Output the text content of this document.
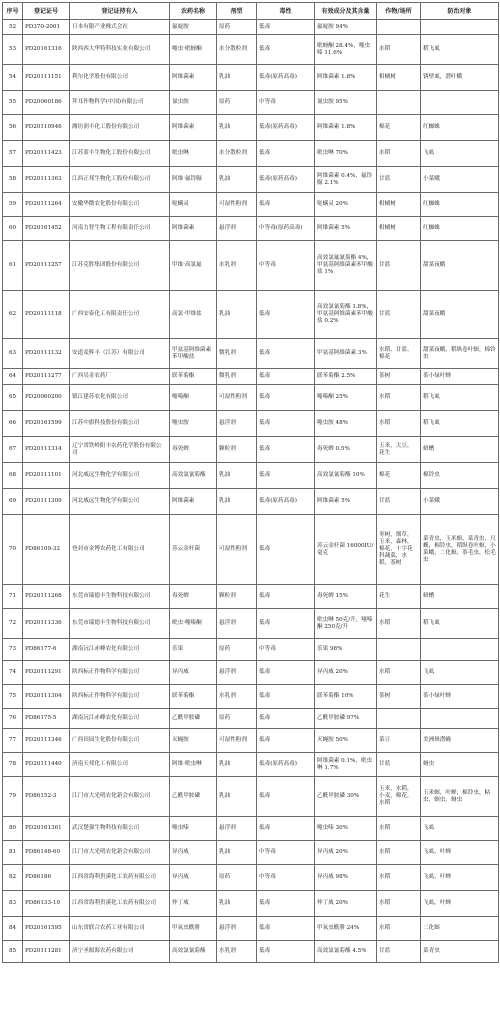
序号	登记证号	登记证持有人	农药名称	剂型	毒性	有效成分及其含量	作物/场所	防治对象
52	PD370-2001	日本有限产业株式会社	氟啶胺	原药	低毒	氟啶胺 94%		
53	PD20161316	陕西西大华特科技实业有限公司	噻虫·吡蚜酮	水分散粒剂	低毒	吡蚜酮 28.4%，噻虫嗪 11.6%	水稻	稻飞虱
54	PD20111151	利尔化学股份有限公司	阿维菌素	乳油	低毒(原药高毒)	阿维菌素 1.8%	柑橘树	锈壁虱，潜叶蛾
55	PD20060186	拜耳作物科学(中国)有限公司	氰虫胺	原药	中等毒	氰虫胺 95%		
56	PD20110946	潍坊润丰化工股份有限公司	阿维菌素	乳油	低毒(原药高毒)	阿维菌素 1.8%	棉花	红蜘蛛
57	PD20111423	江苏蓝丰生物化工股份有限公司	吡虫啉	水分散粒剂	低毒	吡虫啉 70%	水稻	飞虱
58	PD20111363	江西正邦生物化工股份有限公司	阿维·氟铃脲	乳油	低毒(原药高毒)	阿维菌素 0.4%，氟铃脲 2.1%	甘蓝	小菜蛾
59	PD20111264	安徽华微农化股份有限公司	哒螨灵	可湿性粉剂	低毒	哒螨灵 20%	柑橘树	红蜘蛛
60	PD20161452	河南力智生物工程有限责任公司	阿维菌素	悬浮剂	中等毒(原药高毒)	阿维菌素 5%	柑橘树	红蜘蛛
61	PD20111257	江苏克胜集团股份有限公司	甲维·高氯氟	水乳剂	中等毒	高效氯氟氰菊酯 4%，甲氨基阿维菌素苯甲酸盐 1%	甘蓝	甜菜夜蛾
62	PD20111118	广西安泰化工有限责任公司	高氯·甲维盐	乳油	低毒	高效氯氰菊酯 1.8%，甲氨基阿维菌素苯甲酸盐 0.2%	甘蓝	甜菜夜蛾
63	PD20111132	安道麦辉丰（江苏）有限公司	甲氨基阿维菌素苯甲酸盐	微乳剂	低毒	甲氨基阿维菌素 3%	水稻、甘蓝、棉花	甜菜夜蛾，稻纵卷叶螟，棉铃虫
64	PD20111277	广西吴奇农药厂	联苯菊酯	微乳剂	低毒	联苯菊酯 2.5%	茶树	茶小绿叶蝉
65	PD20060200	镇江建苏农化有限公司	噻嗪酮	可湿性粉剂	低毒	噻嗪酮 25%	水稻	稻飞虱
66	PD20161599	江苏中旗科技股份有限公司	噻虫胺	悬浮剂	低毒	噻虫胺 48%	水稻	稻飞虱
67	PD20111314	辽宁省铁岭阳丰农药化学股份有限公司	毒死蜱	颗粒剂	低毒	毒死蜱 0.5%	玉米，大豆，花生	蛴螬
68	PD20111101	河北威远生物化学有限公司	高效氯氰菊酯	乳油	低毒	高效氯氰菊酯 10%	棉花	棉铃虫
69	PD20111309	河北威远生物化学有限公司	阿维菌素	乳油	低毒(原药高毒)	阿维菌素 5%	甘蓝	小菜蛾
70	PD86109-32	登封市金博农药化工有限公司	苏云金杆菌	可湿性粉剂	低毒	苏云金杆菌 16000IU/毫克	枣树，烟草，玉米，森林，棉花，十字花科蔬菜，水稻，茶树	菜青虫，玉米螟，菜青虫，尺蠖，棉铃虫，稻纵卷叶螟，小菜蛾，二化螟，茶毛虫，松毛虫
71	PD20111268	东莞市瑞德丰生物科技有限公司	毒死蜱	颗粒剂	低毒	毒死蜱 15%	花生	蛴螬
72	PD20111336	东莞市瑞德丰生物科技有限公司	吡虫·噻嗪酮	悬浮剂	低毒	吡虫啉 50克/升，噻嗪酮 250克/升	水稻	稻飞虱
73	PD86177-6	湖南沅江赤峰农化有限公司	乐果	原药	中等毒	乐果 98%		
74	PD20111291	陕西标正作物科学有限公司	异丙威	悬浮剂	低毒	异丙威 20%	水稻	飞虱
75	PD20111304	陕西标正作物科学有限公司	联苯菊酯	水乳剂	低毒	联苯菊酯 10%	茶树	茶小绿叶蝉
76	PD86175-5	湖南沅江赤峰农化有限公司	乙酰甲胺磷	原药	低毒	乙酰甲胺磷 97%		
77	PD20111346	广西田园生化股份有限公司	灭蝇胺	可湿性粉剂	低毒	灭蝇胺 50%	菜豆	美洲斑潜蝇
78	PD20111440	济南天邦化工有限公司	阿维·吡虫啉	乳油	低毒(原药高毒)	阿维菌素 0.1%，吡虫啉 1.7%	甘蓝	蚜虫
79	PD86152-3	江门市大光明农化新会有限公司	乙酰甲胺磷	乳油	低毒	乙酰甲胺磷 30%	玉米，水稻，小麦，棉花，水稻	玉米螟，叶蝉，棉铃虫，粘虫，螟虫，蚜虫
80	PD20161361	武汉楚强生物科技有限公司	噻虫嗪	悬浮剂	低毒	噻虫嗪 30%	水稻	飞虱
81	PD86148-60	江门市大光明农化新会有限公司	异丙威	乳油	中等毒	异丙威 20%	水稻	飞虱，叶蝉
82	PD86186	江西省海利贵溪化工农药有限公司	异丙威	原药	中等毒	异丙威 98%	水稻	飞虱，叶蝉
83	PD86133-10	江西省海利贵溪化工农药有限公司	仲丁威	乳油	低毒	仲丁威 20%	水稻	飞虱，叶蝉
84	PD20161595	山东省联合农药工业有限公司	甲氧虫酰肼	悬浮剂	低毒	甲氧虫酰肼 24%	水稻	二化螟
85	PD20111281	济宁圣源海农药有限公司	高效氯氰菊酯	水乳剂	低毒	高效氯氰菊酯 4.5%	甘蓝	菜青虫
